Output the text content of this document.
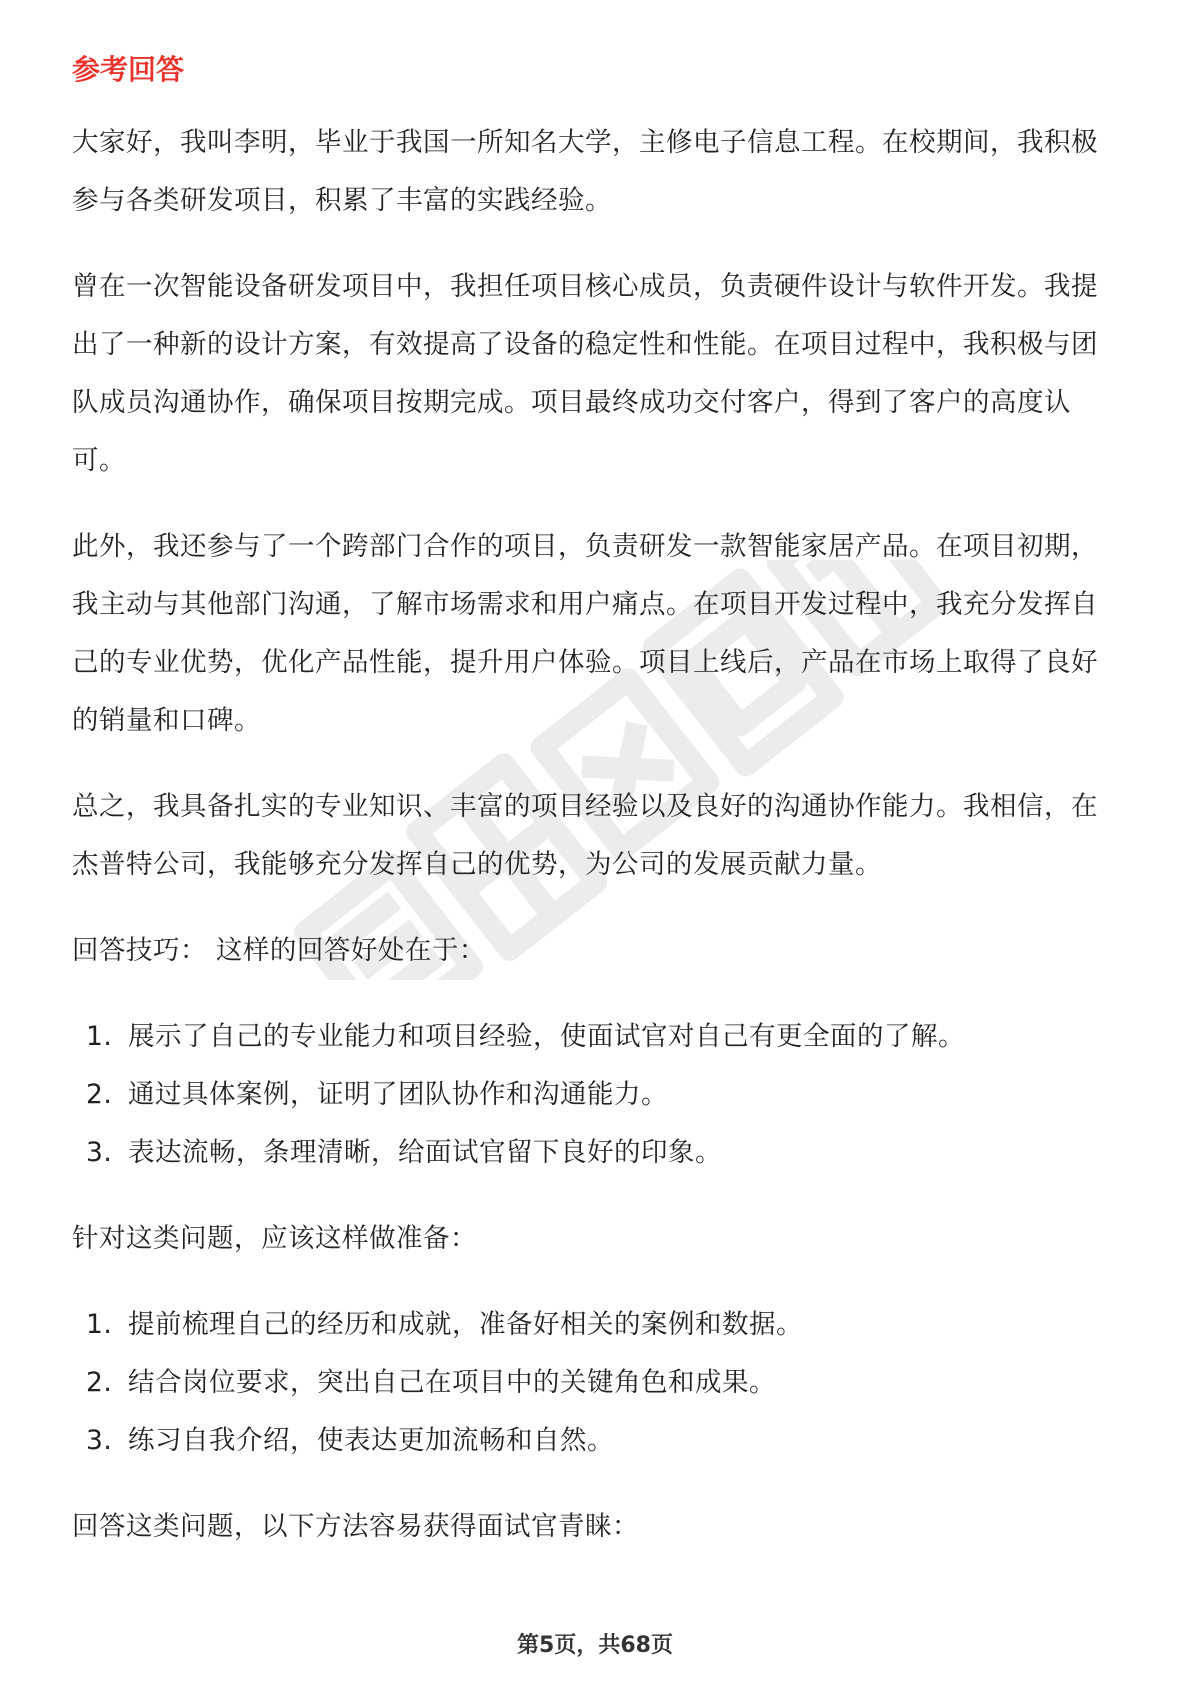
参考回答

大家好，我叫李明，毕业于我国一所知名大学，主修电子信息工程。在校期间，我积极参与各类研发项目，积累了丰富的实践经验。

曾在一次智能设备研发项目中，我担任项目核心成员，负责硬件设计与软件开发。我提出了一种新的设计方案，有效提高了设备的稳定性和性能。在项目过程中，我积极与团队成员沟通协作，确保项目按期完成。项目最终成功交付客户，得到了客户的高度认可。

此外，我还参与了一个跨部门合作的项目，负责研发一款智能家居产品。在项目初期，我主动与其他部门沟通，了解市场需求和用户痛点。在项目开发过程中，我充分发挥自己的专业优势，优化产品性能，提升用户体验。项目上线后，产品在市场上取得了良好的销量和口碑。

总之，我具备扎实的专业知识、丰富的项目经验以及良好的沟通协作能力。我相信，在杰普特公司，我能够充分发挥自己的优势，为公司的发展贡献力量。

回答技巧： 这样的回答好处在于：

1. 展示了自己的专业能力和项目经验，使面试官对自己有更全面的了解。
2. 通过具体案例，证明了团队协作和沟通能力。
3. 表达流畅，条理清晰，给面试官留下良好的印象。

针对这类问题，应该这样做准备：

1. 提前梳理自己的经历和成就，准备好相关的案例和数据。
2. 结合岗位要求，突出自己在项目中的关键角色和成果。
3. 练习自我介绍，使表达更加流畅和自然。

回答这类问题，以下方法容易获得面试官青睐：

第5页，共68页
